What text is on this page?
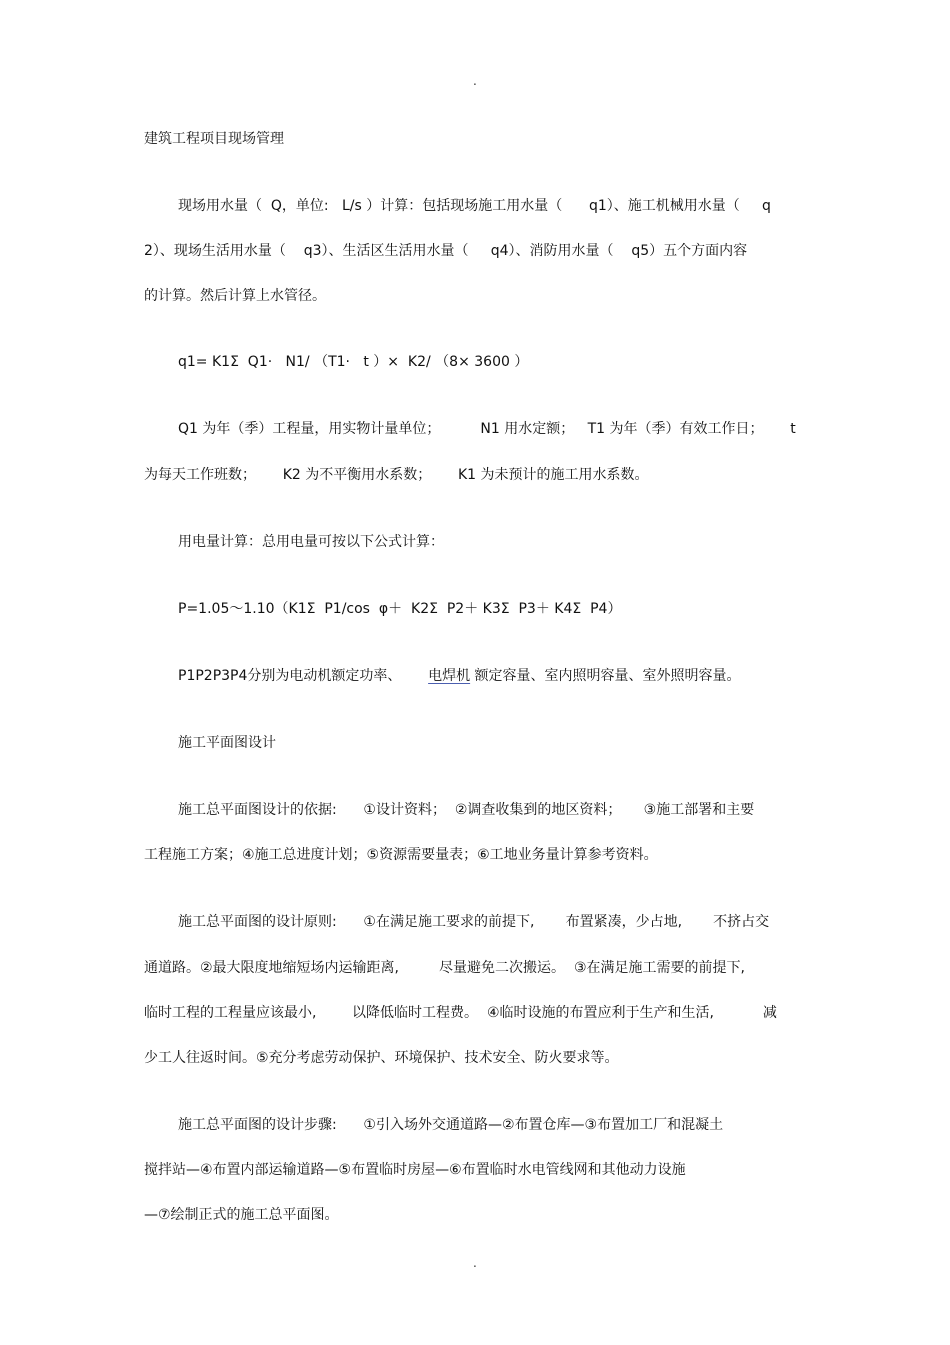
.
建筑工程项目现场管理
现场用水量（  Q，单位:   L/s ）计算：包括现场施工用水量（      q1）、施工机械用水量（     q
2）、现场生活用水量（    q3）、生活区生活用水量（     q4）、消防用水量（    q5）五个方面内容
的计算。然后计算上水管径。
q1= K1Σ  Q1·   N1/ （T1·   t ）×  K2/ （8× 3600 ）
Q1 为年（季）工程量，用实物计量单位；         N1 用水定额；   T1 为年（季）有效工作日；      t
为每天工作班数；      K2 为不平衡用水系数；      K1 为未预计的施工用水系数。
用电量计算：总用电量可按以下公式计算：
P=1.05～1.10（K1Σ  P1/cos  φ＋  K2Σ  P2＋ K3Σ  P3＋ K4Σ  P4）
P1P2P3P4分别为电动机额定功率、      电焊机 额定容量、室内照明容量、室外照明容量。
施工平面图设计
施工总平面图设计的依据:      ①设计资料；  ②调查收集到的地区资料；     ③施工部署和主要
工程施工方案；④施工总进度计划；⑤资源需要量表；⑥工地业务量计算参考资料。
施工总平面图的设计原则:      ①在满足施工要求的前提下,       布置紧凑，少占地,       不挤占交
通道路。②最大限度地缩短场内运输距离,         尽量避免二次搬运。  ③在满足施工需要的前提下,
临时工程的工程量应该最小,        以降低临时工程费。  ④临时设施的布置应利于生产和生活,           减
少工人往返时间。⑤充分考虑劳动保护、环境保护、技术安全、防火要求等。
施工总平面图的设计步骤:      ①引入场外交通道路—②布置仓库—③布置加工厂和混凝土
搅拌站—④布置内部运输道路—⑤布置临时房屋—⑥布置临时水电管线网和其他动力设施
—⑦绘制正式的施工总平面图。
.
